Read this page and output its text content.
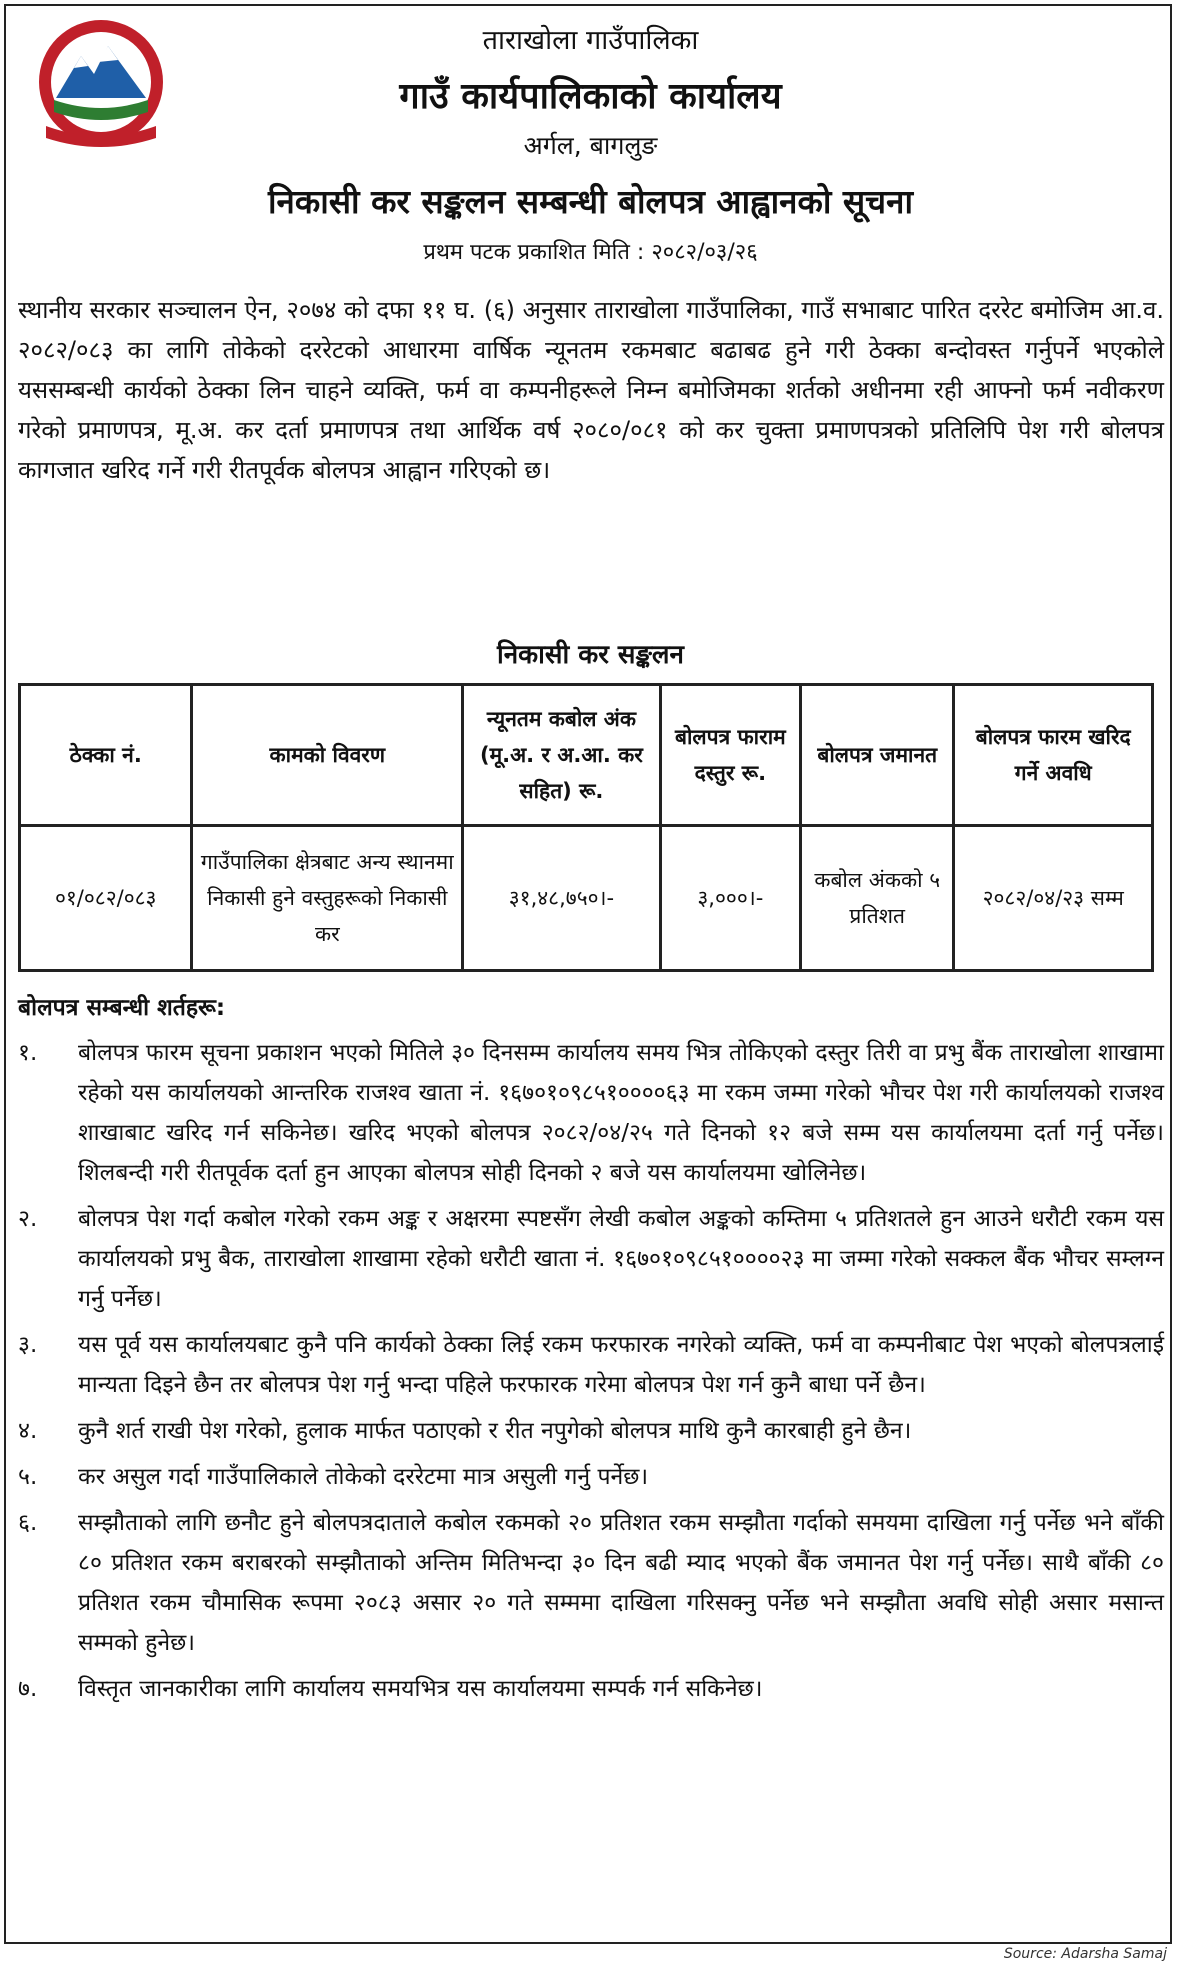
ताराखोला गाउँपालिका
गाउँ कार्यपालिकाको कार्यालय
अर्गल, बागलुङ
निकासी कर सङ्कलन सम्बन्धी बोलपत्र आह्वानको सूचना
प्रथम पटक प्रकाशित मिति : २०८२/०३/२६
स्थानीय सरकार सञ्चालन ऐन, २०७४ को दफा ११ घ. (६) अनुसार ताराखोला गाउँपालिका, गाउँ सभाबाट पारित दररेट बमोजिम आ.व. २०८२/०८३ का लागि तोकेको दररेटको आधारमा वार्षिक न्यूनतम रकमबाट बढाबढ हुने गरी ठेक्का बन्दोवस्त गर्नुपर्ने भएकोले यससम्बन्धी कार्यको ठेक्का लिन चाहने व्यक्ति, फर्म वा कम्पनीहरूले निम्न बमोजिमका शर्तको अधीनमा रही आफ्नो फर्म नवीकरण गरेको प्रमाणपत्र, मू.अ. कर दर्ता प्रमाणपत्र तथा आर्थिक वर्ष २०८०/०८१ को कर चुक्ता प्रमाणपत्रको प्रतिलिपि पेश गरी बोलपत्र कागजात खरिद गर्ने गरी रीतपूर्वक बोलपत्र आह्वान गरिएको छ।
निकासी कर सङ्कलन
ठेक्का नं.	कामको विवरण	न्यूनतम कबोल अंक (मू.अ. र अ.आ. कर सहित) रू.	बोलपत्र फाराम दस्तुर रू.	बोलपत्र जमानत	बोलपत्र फारम खरिद गर्ने अवधि
०१/०८२/०८३	गाउँपालिका क्षेत्रबाट अन्य स्थानमा निकासी हुने वस्तुहरूको निकासी कर	३१,४८,७५०।-	३,०००।-	कबोल अंकको ५ प्रतिशत	२०८२/०४/२३ सम्म
बोलपत्र सम्बन्धी शर्तहरू:
१.	बोलपत्र फारम सूचना प्रकाशन भएको मितिले ३० दिनसम्म कार्यालय समय भित्र तोकिएको दस्तुर तिरी वा प्रभु बैंक ताराखोला शाखामा रहेको यस कार्यालयको आन्तरिक राजश्व खाता नं. १६७०१०९८५१००००६३ मा रकम जम्मा गरेको भौचर पेश गरी कार्यालयको राजश्व शाखाबाट खरिद गर्न सकिनेछ। खरिद भएको बोलपत्र २०८२/०४/२५ गते दिनको १२ बजे सम्म यस कार्यालयमा दर्ता गर्नु पर्नेछ। शिलबन्दी गरी रीतपूर्वक दर्ता हुन आएका बोलपत्र सोही दिनको २ बजे यस कार्यालयमा खोलिनेछ।
२.	बोलपत्र पेश गर्दा कबोल गरेको रकम अङ्क र अक्षरमा स्पष्टसँग लेखी कबोल अङ्कको कम्तिमा ५ प्रतिशतले हुन आउने धरौटी रकम यस कार्यालयको प्रभु बैक, ताराखोला शाखामा रहेको धरौटी खाता नं. १६७०१०९८५१००००२३ मा जम्मा गरेको सक्कल बैंक भौचर सम्लग्न गर्नु पर्नेछ।
३.	यस पूर्व यस कार्यालयबाट कुनै पनि कार्यको ठेक्का लिई रकम फरफारक नगरेको व्यक्ति, फर्म वा कम्पनीबाट पेश भएको बोलपत्रलाई मान्यता दिइने छैन तर बोलपत्र पेश गर्नु भन्दा पहिले फरफारक गरेमा बोलपत्र पेश गर्न कुनै बाधा पर्ने छैन।
४.	कुनै शर्त राखी पेश गरेको, हुलाक मार्फत पठाएको र रीत नपुगेको बोलपत्र माथि कुनै कारबाही हुने छैन।
५.	कर असुल गर्दा गाउँपालिकाले तोकेको दररेटमा मात्र असुली गर्नु पर्नेछ।
६.	सम्झौताको लागि छनौट हुने बोलपत्रदाताले कबोल रकमको २० प्रतिशत रकम सम्झौता गर्दाको समयमा दाखिला गर्नु पर्नेछ भने बाँकी ८० प्रतिशत रकम बराबरको सम्झौताको अन्तिम मितिभन्दा ३० दिन बढी म्याद भएको बैंक जमानत पेश गर्नु पर्नेछ। साथै बाँकी ८० प्रतिशत रकम चौमासिक रूपमा २०८३ असार २० गते सम्ममा दाखिला गरिसक्नु पर्नेछ भने सम्झौता अवधि सोही असार मसान्त सम्मको हुनेछ।
७.	विस्तृत जानकारीका लागि कार्यालय समयभित्र यस कार्यालयमा सम्पर्क गर्न सकिनेछ।
Source: Adarsha Samaj
